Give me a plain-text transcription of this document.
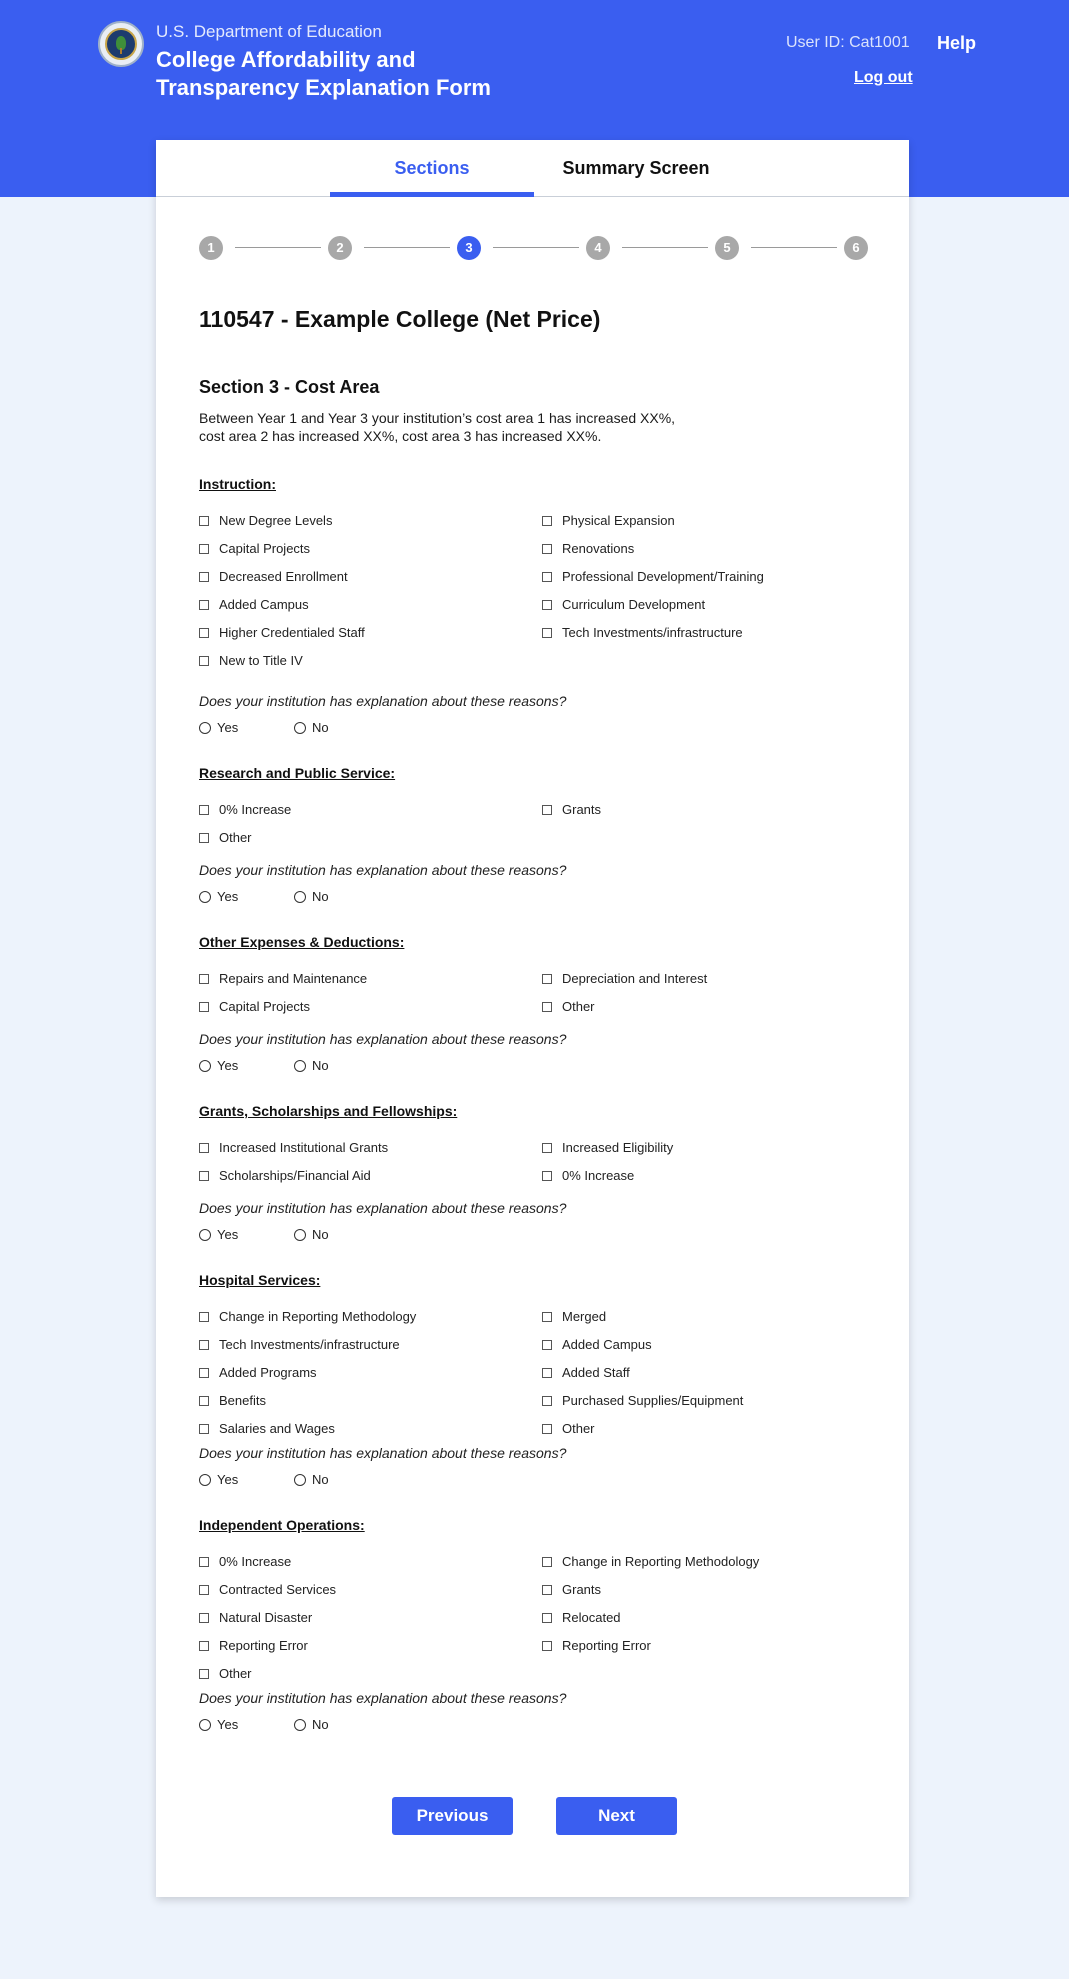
U.S. Department of Education
College Affordability and
Transparency Explanation Form
User ID: Cat1001 Help
Log out
Sections	Summary Screen
1	2	3	4	5	6
110547 - Example College (Net Price)
Section 3 - Cost Area
Between Year 1 and Year 3 your institution’s cost area 1 has increased XX%,
cost area 2 has increased XX%, cost area 3 has increased XX%.
Instruction:
New Degree Levels	Physical Expansion
Capital Projects	Renovations
Decreased Enrollment	Professional Development/Training
Added Campus	Curriculum Development
Higher Credentialed Staff	Tech Investments/infrastructure
New to Title IV
Does your institution has explanation about these reasons?
Yes	No
Research and Public Service:
0% Increase	Grants
Other
Does your institution has explanation about these reasons?
Yes	No
Other Expenses & Deductions:
Repairs and Maintenance	Depreciation and Interest
Capital Projects	Other
Does your institution has explanation about these reasons?
Yes	No
Grants, Scholarships and Fellowships:
Increased Institutional Grants	Increased Eligibility
Scholarships/Financial Aid	0% Increase
Does your institution has explanation about these reasons?
Yes	No
Hospital Services:
Change in Reporting Methodology	Merged
Tech Investments/infrastructure	Added Campus
Added Programs	Added Staff
Benefits	Purchased Supplies/Equipment
Salaries and Wages	Other
Does your institution has explanation about these reasons?
Yes	No
Independent Operations:
0% Increase	Change in Reporting Methodology
Contracted Services	Grants
Natural Disaster	Relocated
Reporting Error	Reporting Error
Other
Does your institution has explanation about these reasons?
Yes	No
Previous	Next
